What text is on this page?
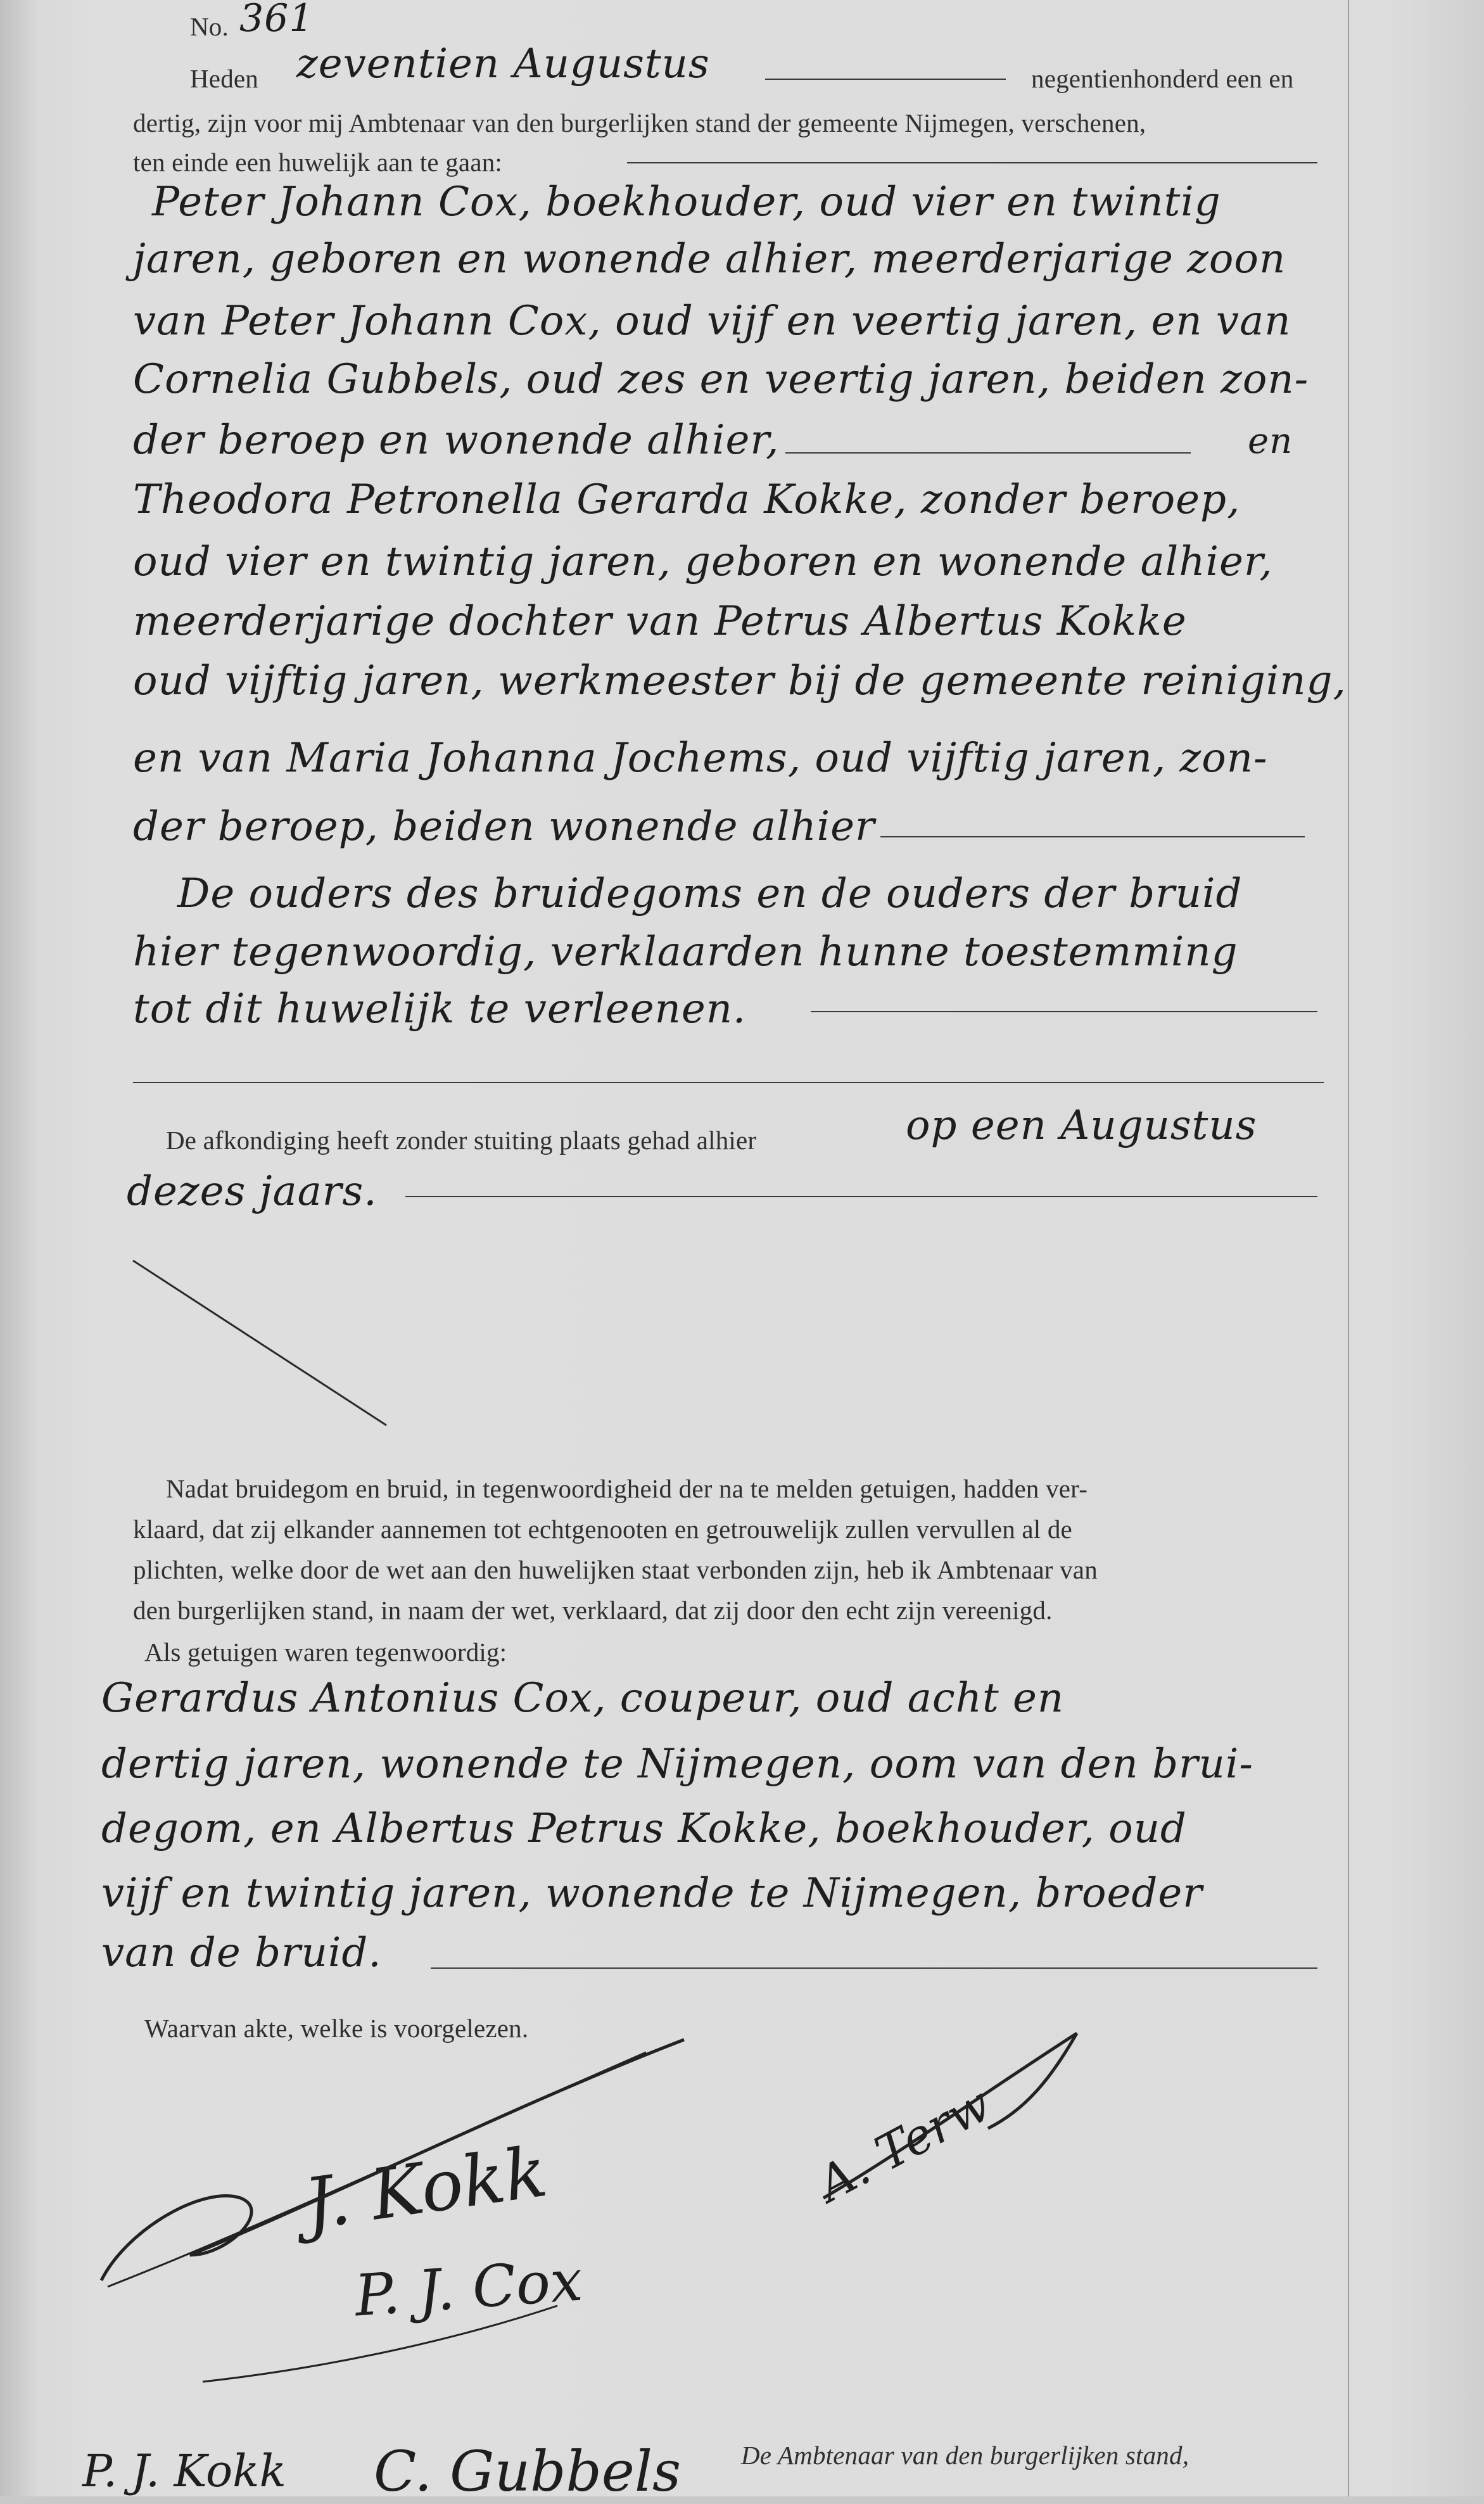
No. 361
Heden zeventien Augustus	negentienhonderd een en
dertig, zijn voor mij Ambtenaar van den burgerlijken stand der gemeente Nijmegen, verschenen,
ten einde een huwelijk aan te gaan:
Peter Johann Cox, boekhouder, oud vier en twintig
jaren, geboren en wonende alhier, meerderjarige zoon
van Peter Johann Cox, oud vijf en veertig jaren, en van
Cornelia Gubbels, oud zes en veertig jaren, beiden zon-
der beroep en wonende alhier,	en
Theodora Petronella Gerarda Kokke, zonder beroep,
oud vier en twintig jaren, geboren en wonende alhier,
meerderjarige dochter van Petrus Albertus Kokke
oud vijftig jaren, werkmeester bij de gemeente reiniging,
en van Maria Johanna Jochems, oud vijftig jaren, zon-
der beroep, beiden wonende alhier
De ouders des bruidegoms en de ouders der bruid
hier tegenwoordig, verklaarden hunne toestemming
tot dit huwelijk te verleenen.
De afkondiging heeft zonder stuiting plaats gehad alhier	op een Augustus
dezes jaars.
Nadat bruidegom en bruid, in tegenwoordigheid der na te melden getuigen, hadden ver-
klaard, dat zij elkander aannemen tot echtgenooten en getrouwelijk zullen vervullen al de
plichten, welke door de wet aan den huwelijken staat verbonden zijn, heb ik Ambtenaar van
den burgerlijken stand, in naam der wet, verklaard, dat zij door den echt zijn vereenigd.
Als getuigen waren tegenwoordig:
Gerardus Antonius Cox, coupeur, oud acht en
dertig jaren, wonende te Nijmegen, oom van den brui-
degom, en Albertus Petrus Kokke, boekhouder, oud
vijf en twintig jaren, wonende te Nijmegen, broeder
van de bruid.
Waarvan akte, welke is voorgelezen.
De Ambtenaar van den burgerlijken stand,
J. Kokk
P. J. Cox
P. J. Kokk C. Gubbels
A. Terw
